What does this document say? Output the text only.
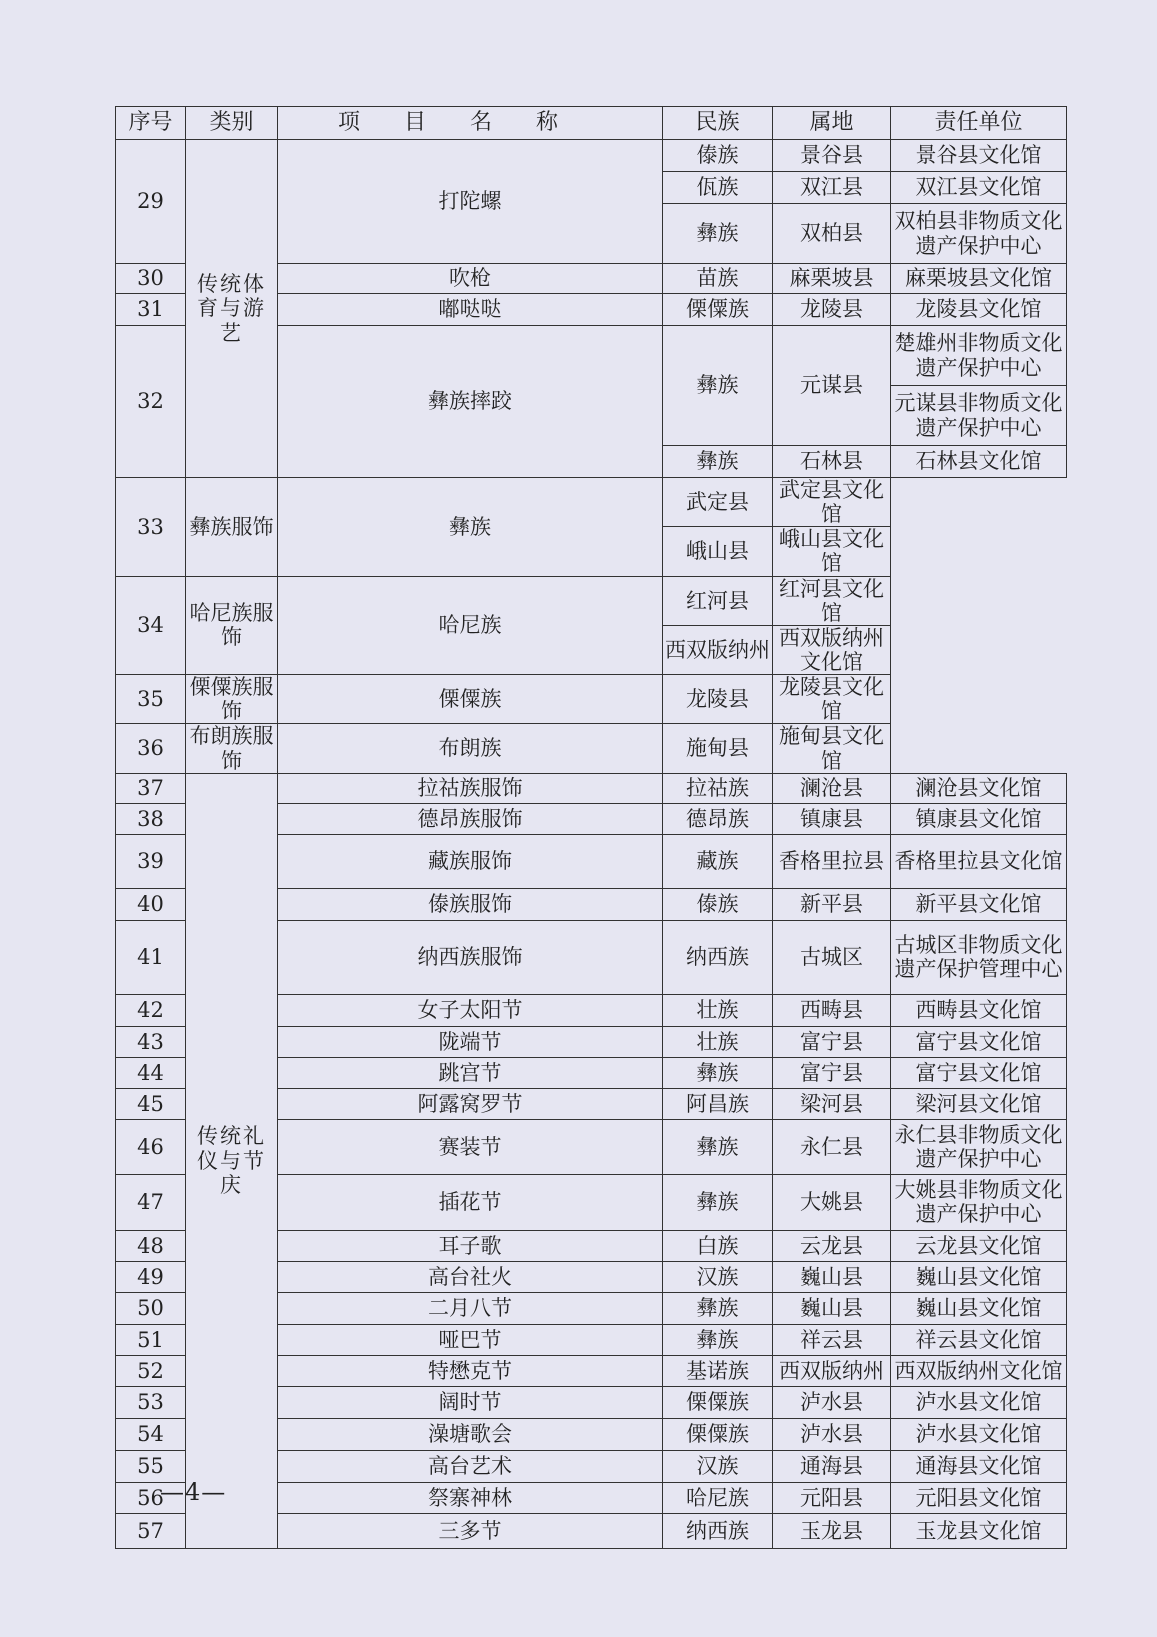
序号	类别	项目名称	民族	属地	责任单位
29	传统体育与游艺	打陀螺	傣族	景谷县	景谷县文化馆
			佤族	双江县	双江县文化馆
			彝族	双柏县	双柏县非物质文化遗产保护中心
30		吹枪	苗族	麻栗坡县	麻栗坡县文化馆
31		嘟哒哒	傈僳族	龙陵县	龙陵县文化馆
32		彝族摔跤	彝族	元谋县	楚雄州非物质文化遗产保护中心
					元谋县非物质文化遗产保护中心
			彝族	石林县	石林县文化馆
33	彝族服饰	彝族	武定县	武定县文化馆	
			峨山县	峨山县文化馆	
34	哈尼族服饰	哈尼族	红河县	红河县文化馆	
			西双版纳州	西双版纳州文化馆	
35	傈僳族服饰	傈僳族	龙陵县	龙陵县文化馆	
36	布朗族服饰	布朗族	施甸县	施甸县文化馆	
37	传统礼仪与节庆	拉祜族服饰	拉祜族	澜沧县	澜沧县文化馆
38		德昂族服饰	德昂族	镇康县	镇康县文化馆
39		藏族服饰	藏族	香格里拉县	香格里拉县文化馆
40		傣族服饰	傣族	新平县	新平县文化馆
41		纳西族服饰	纳西族	古城区	古城区非物质文化遗产保护管理中心
42		女子太阳节	壮族	西畴县	西畴县文化馆
43		陇端节	壮族	富宁县	富宁县文化馆
44		跳宫节	彝族	富宁县	富宁县文化馆
45		阿露窝罗节	阿昌族	梁河县	梁河县文化馆
46		赛装节	彝族	永仁县	永仁县非物质文化遗产保护中心
47		插花节	彝族	大姚县	大姚县非物质文化遗产保护中心
48		耳子歌	白族	云龙县	云龙县文化馆
49		高台社火	汉族	巍山县	巍山县文化馆
50		二月八节	彝族	巍山县	巍山县文化馆
51		哑巴节	彝族	祥云县	祥云县文化馆
52		特懋克节	基诺族	西双版纳州	西双版纳州文化馆
53		阔时节	傈僳族	泸水县	泸水县文化馆
54		澡塘歌会	傈僳族	泸水县	泸水县文化馆
55		高台艺术	汉族	通海县	通海县文化馆
56		祭寨神林	哈尼族	元阳县	元阳县文化馆
57		三多节	纳西族	玉龙县	玉龙县文化馆
—4—
